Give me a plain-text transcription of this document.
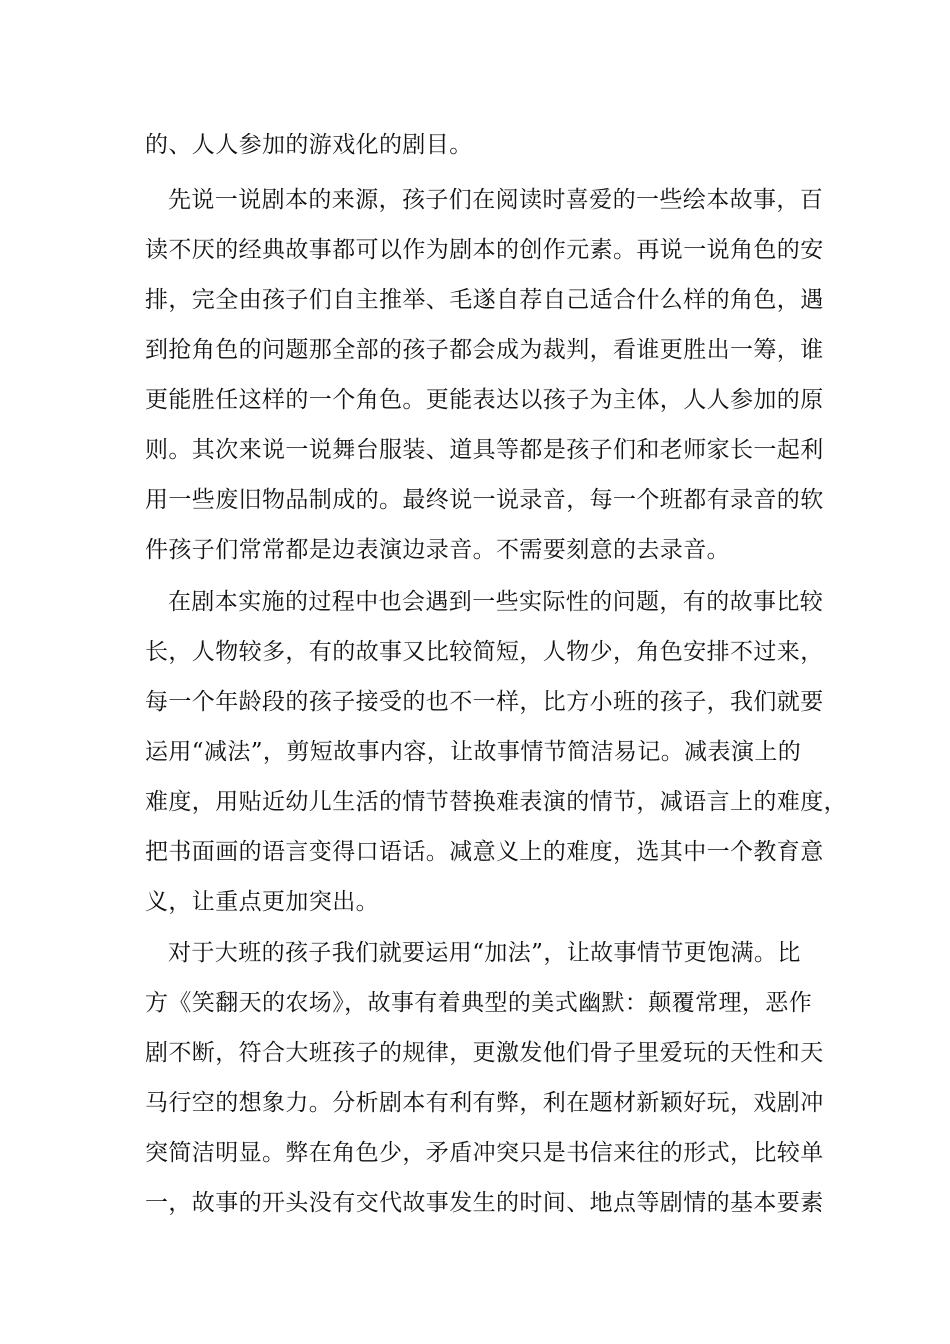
的、人人参加的游戏化的剧目。
先说一说剧本的来源，孩子们在阅读时喜爱的一些绘本故事，百
读不厌的经典故事都可以作为剧本的创作元素。再说一说角色的安
排，完全由孩子们自主推举、毛遂自荐自己适合什么样的角色，遇
到抢角色的问题那全部的孩子都会成为裁判，看谁更胜出一筹，谁
更能胜任这样的一个角色。更能表达以孩子为主体，人人参加的原
则。其次来说一说舞台服装、道具等都是孩子们和老师家长一起利
用一些废旧物品制成的。最终说一说录音，每一个班都有录音的软
件孩子们常常都是边表演边录音。不需要刻意的去录音。
在剧本实施的过程中也会遇到一些实际性的问题，有的故事比较
长，人物较多，有的故事又比较简短，人物少，角色安排不过来，
每一个年龄段的孩子接受的也不一样，比方小班的孩子，我们就要
运用“减法”，剪短故事内容，让故事情节简洁易记。减表演上的
难度，用贴近幼儿生活的情节替换难表演的情节，减语言上的难度，
把书面画的语言变得口语话。减意义上的难度，选其中一个教育意
义，让重点更加突出。
对于大班的孩子我们就要运用“加法”，让故事情节更饱满。比
方《笑翻天的农场》，故事有着典型的美式幽默：颠覆常理，恶作
剧不断，符合大班孩子的规律，更激发他们骨子里爱玩的天性和天
马行空的想象力。分析剧本有利有弊，利在题材新颖好玩，戏剧冲
突简洁明显。弊在角色少，矛盾冲突只是书信来往的形式，比较单
一，故事的开头没有交代故事发生的时间、地点等剧情的基本要素
